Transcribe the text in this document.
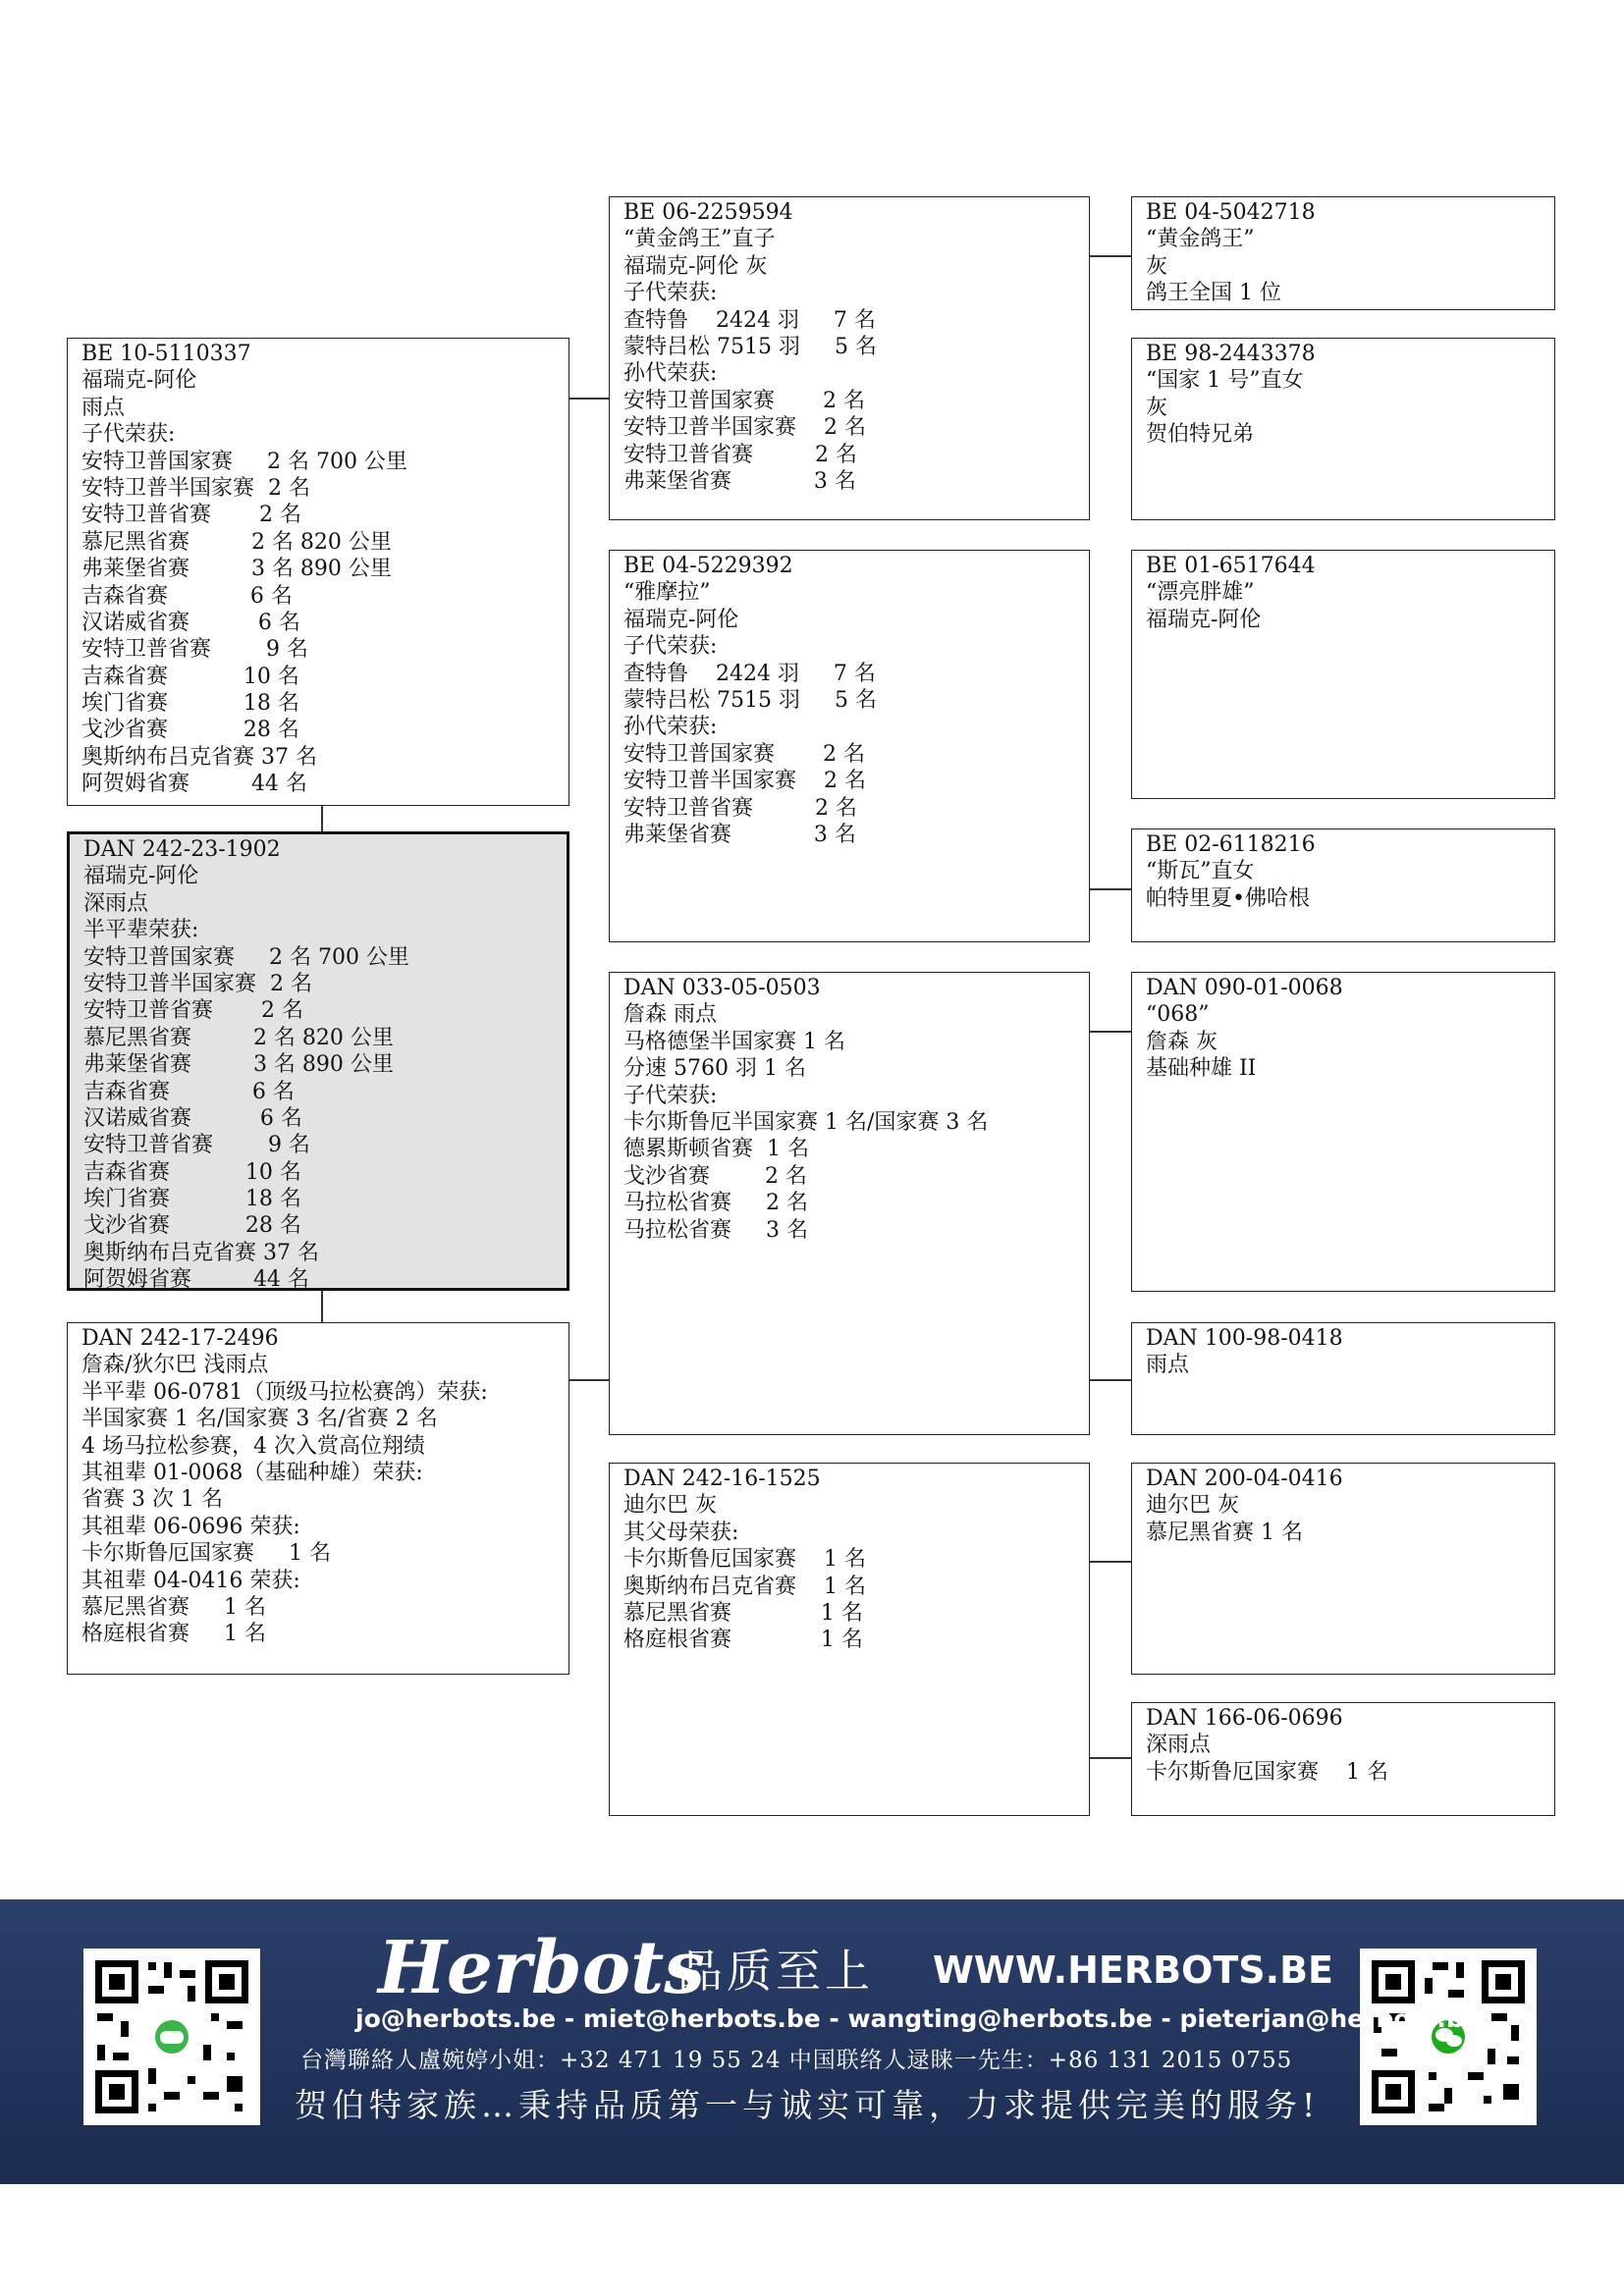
BE 10-5110337
福瑞克-阿伦
雨点
子代荣获:
安特卫普国家赛     2 名 700 公里
安特卫普半国家赛  2 名
安特卫普省赛       2 名
慕尼黑省赛         2 名 820 公里
弗莱堡省赛         3 名 890 公里
吉森省赛            6 名
汉诺威省赛          6 名
安特卫普省赛        9 名
吉森省赛           10 名
埃门省赛           18 名
戈沙省赛           28 名
奥斯纳布吕克省赛 37 名
阿贺姆省赛         44 名
DAN 242-23-1902
福瑞克-阿伦
深雨点
半平辈荣获:
安特卫普国家赛     2 名 700 公里
安特卫普半国家赛  2 名
安特卫普省赛       2 名
慕尼黑省赛         2 名 820 公里
弗莱堡省赛         3 名 890 公里
吉森省赛            6 名
汉诺威省赛          6 名
安特卫普省赛        9 名
吉森省赛           10 名
埃门省赛           18 名
戈沙省赛           28 名
奥斯纳布吕克省赛 37 名
阿贺姆省赛         44 名
DAN 242-17-2496
詹森/狄尔巴 浅雨点
半平辈 06-0781（顶级马拉松赛鸽）荣获:
半国家赛 1 名/国家赛 3 名/省赛 2 名
4 场马拉松参赛，4 次入赏高位翔绩
其祖辈 01-0068（基础种雄）荣获:
省赛 3 次 1 名
其祖辈 06-0696 荣获:
卡尔斯鲁厄国家赛     1 名
其祖辈 04-0416 荣获:
慕尼黑省赛     1 名
格庭根省赛     1 名
BE 06-2259594
“黄金鸽王”直子
福瑞克-阿伦 灰
子代荣获:
查特鲁    2424 羽     7 名
蒙特吕松 7515 羽     5 名
孙代荣获:
安特卫普国家赛       2 名
安特卫普半国家赛    2 名
安特卫普省赛         2 名
弗莱堡省赛            3 名
BE 04-5229392
“雅摩拉”
福瑞克-阿伦
子代荣获:
查特鲁    2424 羽     7 名
蒙特吕松 7515 羽     5 名
孙代荣获:
安特卫普国家赛       2 名
安特卫普半国家赛    2 名
安特卫普省赛         2 名
弗莱堡省赛            3 名
DAN 033-05-0503
詹森 雨点
马格德堡半国家赛 1 名
分速 5760 羽 1 名
子代荣获:
卡尔斯鲁厄半国家赛 1 名/国家赛 3 名
德累斯顿省赛  1 名
戈沙省赛        2 名
马拉松省赛     2 名
马拉松省赛     3 名
DAN 242-16-1525
迪尔巴 灰
其父母荣获:
卡尔斯鲁厄国家赛    1 名
奥斯纳布吕克省赛    1 名
慕尼黑省赛             1 名
格庭根省赛             1 名
BE 04-5042718
“黄金鸽王”
灰
鸽王全国 1 位
BE 98-2443378
“国家 1 号”直女
灰
贺伯特兄弟
BE 01-6517644
“漂亮胖雄”
福瑞克-阿伦
BE 02-6118216
“斯瓦”直女
帕特里夏•佛哈根
DAN 090-01-0068
“068”
詹森 灰
基础种雄 II
DAN 100-98-0418
雨点
DAN 200-04-0416
迪尔巴 灰
慕尼黑省赛 1 名
DAN 166-06-0696
深雨点
卡尔斯鲁厄国家赛    1 名
Herbots
品质至上 WWW.HERBOTS.BE
jo@herbots.be - miet@herbots.be - wangting@herbots.be - pieterjan@herbots.be
台灣聯絡人盧婉婷小姐：+32 471 19 55 24 中国联络人逯睐一先生：+86 131 2015 0755
贺伯特家族…秉持品质第一与诚实可靠，力求提供完美的服务!
